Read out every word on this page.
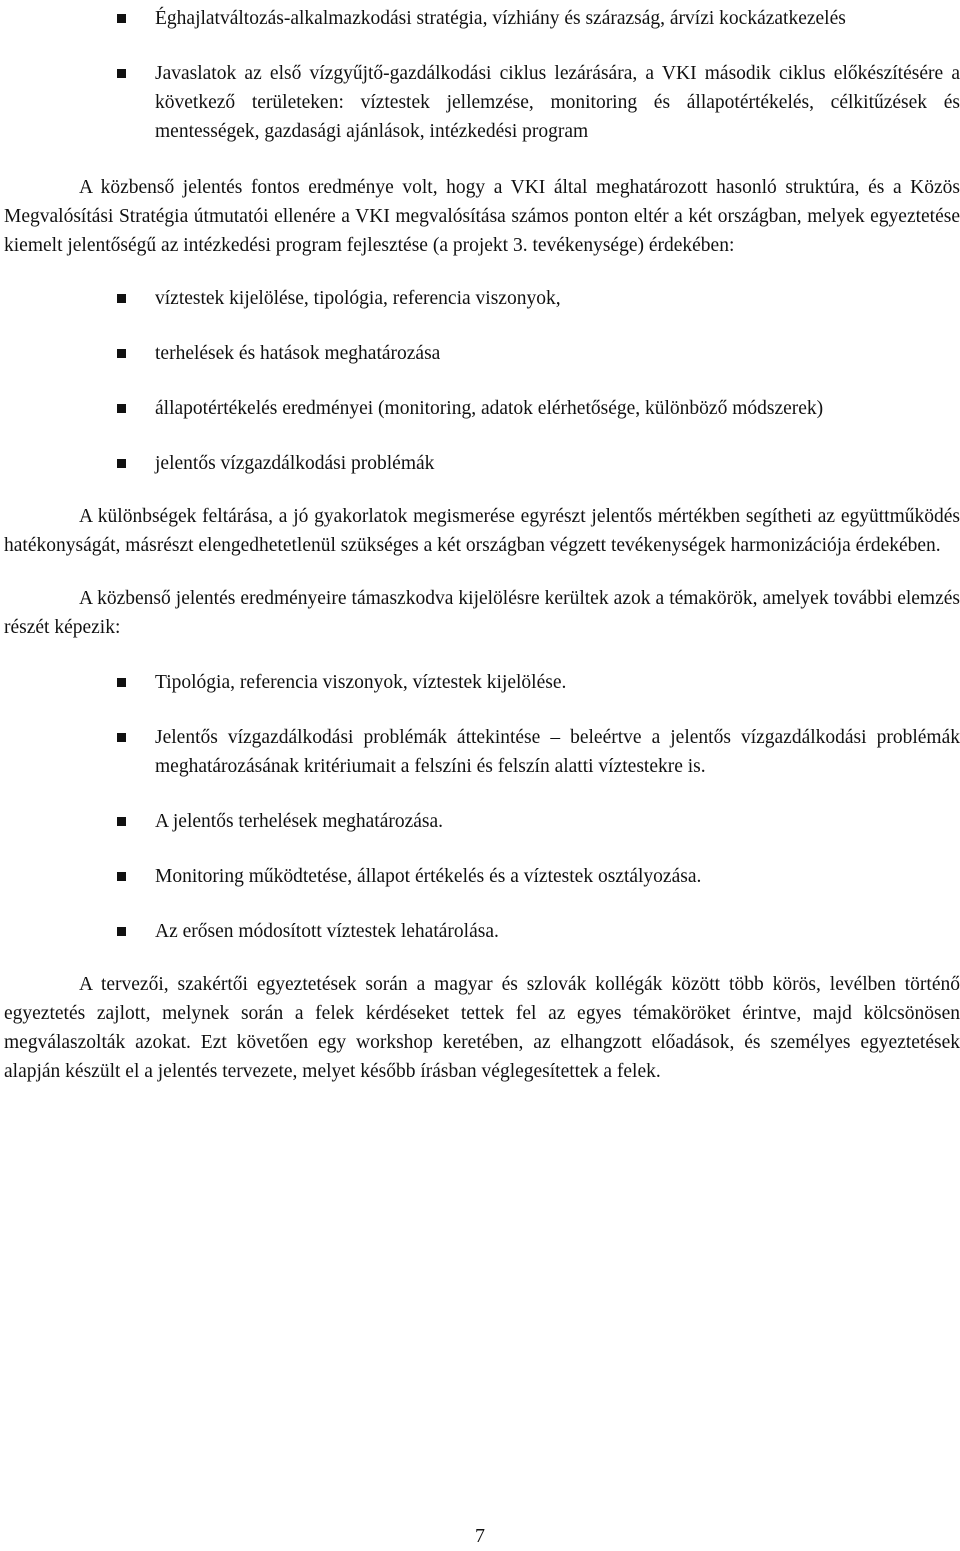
Éghajlatváltozás-alkalmazkodási stratégia, vízhiány és szárazság, árvízi kockázatkezelés
Javaslatok az első vízgyűjtő-gazdálkodási ciklus lezárására, a VKI második ciklus előkészítésére a következő területeken: víztestek jellemzése, monitoring és állapotértékelés, célkitűzések és mentességek, gazdasági ajánlások, intézkedési program

A közbenső jelentés fontos eredménye volt, hogy a VKI által meghatározott hasonló struktúra, és a Közös Megvalósítási Stratégia útmutatói ellenére a VKI megvalósítása számos ponton eltér a két országban, melyek egyeztetése kiemelt jelentőségű az intézkedési program fejlesztése (a projekt 3. tevékenysége) érdekében:

víztestek kijelölése, tipológia, referencia viszonyok,
terhelések és hatások meghatározása
állapotértékelés eredményei (monitoring, adatok elérhetősége, különböző módszerek)
jelentős vízgazdálkodási problémák

A különbségek feltárása, a jó gyakorlatok megismerése egyrészt jelentős mértékben segítheti az együttműködés hatékonyságát, másrészt elengedhetetlenül szükséges a két országban végzett tevékenységek harmonizációja érdekében.

A közbenső jelentés eredményeire támaszkodva kijelölésre kerültek azok a témakörök, amelyek további elemzés részét képezik:

Tipológia, referencia viszonyok, víztestek kijelölése.
Jelentős vízgazdálkodási problémák áttekintése – beleértve a jelentős vízgazdálkodási problémák meghatározásának kritériumait a felszíni és felszín alatti víztestekre is.
A jelentős terhelések meghatározása.
Monitoring működtetése, állapot értékelés és a víztestek osztályozása.
Az erősen módosított víztestek lehatárolása.

A tervezői, szakértői egyeztetések során a magyar és szlovák kollégák között több körös, levélben történő egyeztetés zajlott, melynek során a felek kérdéseket tettek fel az egyes témaköröket érintve, majd kölcsönösen megválaszolták azokat. Ezt követően egy workshop keretében, az elhangzott előadások, és személyes egyeztetések alapján készült el a jelentés tervezete, melyet később írásban véglegesítettek a felek.

7
